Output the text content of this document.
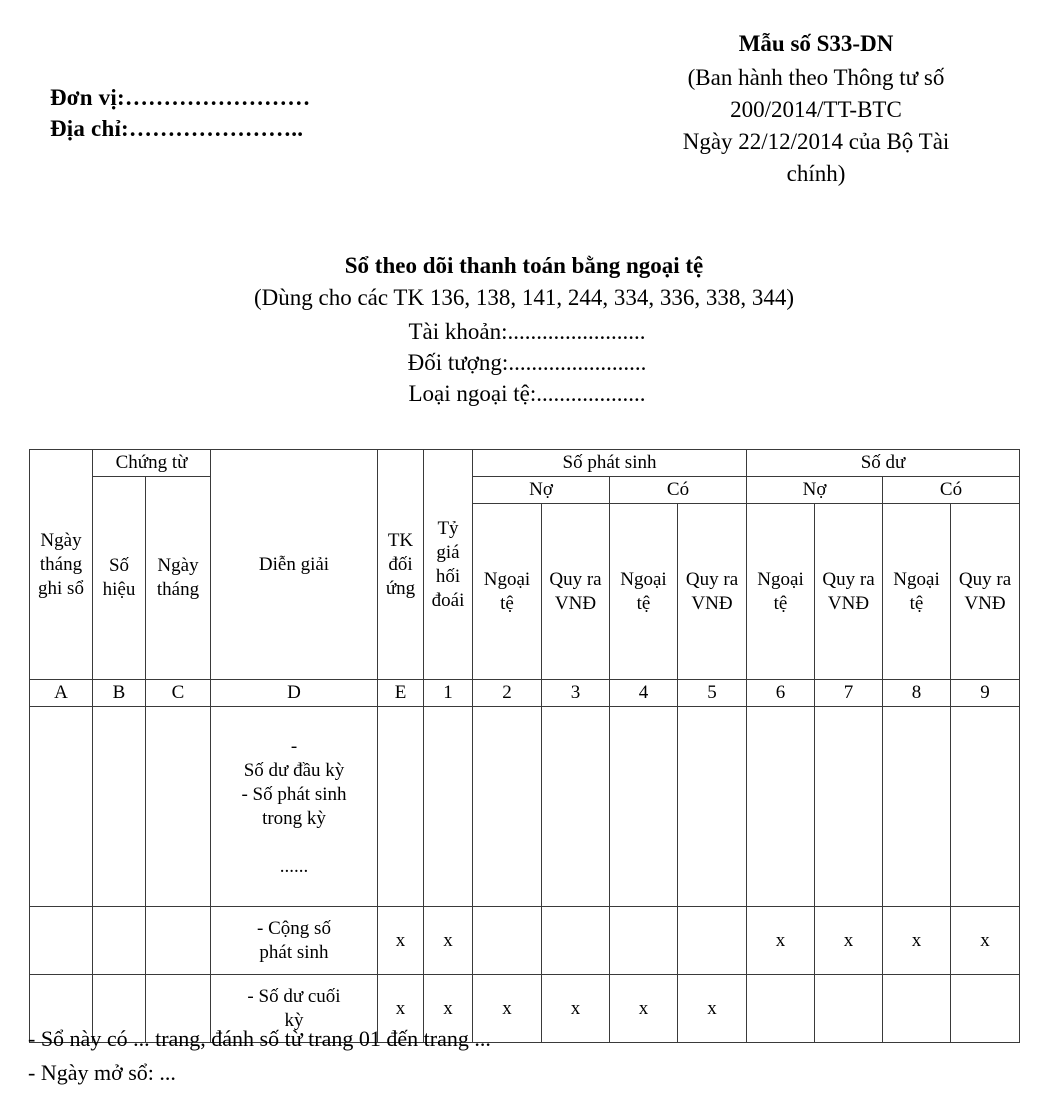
Đơn vị:……………………
Địa chỉ:…………………..
Mẫu số S33-DN
(Ban hành theo Thông tư số
200/2014/TT-BTC
Ngày 22/12/2014 của Bộ Tài
chính)
Sổ theo dõi thanh toán bằng ngoại tệ
(Dùng cho các TK 136, 138, 141, 244, 334, 336, 338, 344)
Tài khoản:........................
Đối tượng:........................
Loại ngoại tệ:...................
Ngày tháng ghi sổ	Chứng từ		Diễn giải	TK đối ứng	Tỷ giá hối đoái	Số phát sinh				Số dư			
	Số hiệu	Ngày tháng				Nợ		Có		Nợ		Có	
						Ngoại tệ	Quy ra VNĐ	Ngoại tệ	Quy ra VNĐ	Ngoại tệ	Quy ra VNĐ	Ngoại tệ	Quy ra VNĐ
A	B	C	D	E	1	2	3	4	5	6	7	8	9

			-
Số dư đầu kỳ
- Số phát sinh
trong kỳ

......										

			- Cộng số
phát sinh	x	x					x	x	x	x

			- Số dư cuối
kỳ	x	x	x	x	x	x				
- Sổ này có ... trang, đánh số từ trang 01 đến trang ...
- Ngày mở sổ: ...
